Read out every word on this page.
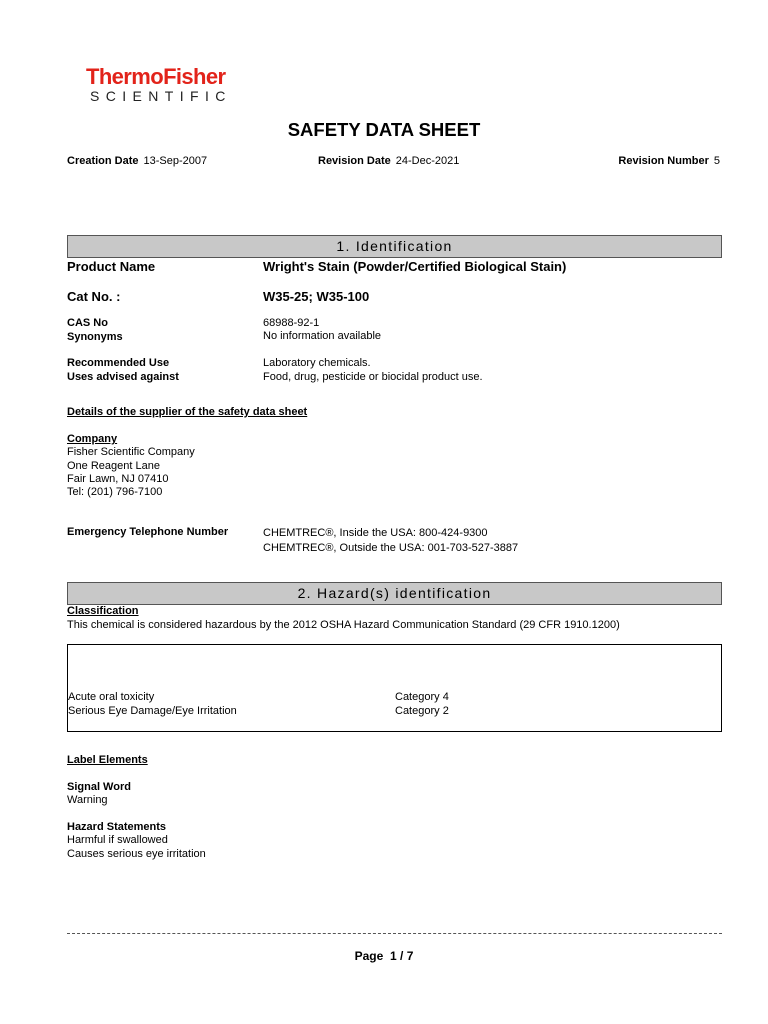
ThermoFisher
SCIENTIFIC
SAFETY DATA SHEET
Creation Date 13-Sep-2007	Revision Date 24-Dec-2021	Revision Number 5
1. Identification
Product Name	Wright's Stain (Powder/Certified Biological Stain)
Cat No. :	W35-25; W35-100
CAS No	68988-92-1
Synonyms	No information available
Recommended Use	Laboratory chemicals.
Uses advised against	Food, drug, pesticide or biocidal product use.
Details of the supplier of the safety data sheet
Company
Fisher Scientific Company
One Reagent Lane
Fair Lawn, NJ 07410
Tel: (201) 796-7100
Emergency Telephone Number	CHEMTREC®, Inside the USA: 800-424-9300
CHEMTREC®, Outside the USA: 001-703-527-3887
2. Hazard(s) identification
Classification
This chemical is considered hazardous by the 2012 OSHA Hazard Communication Standard (29 CFR 1910.1200)
Acute oral toxicity	Category 4
Serious Eye Damage/Eye Irritation	Category 2
Label Elements
Signal Word
Warning
Hazard Statements
Harmful if swallowed
Causes serious eye irritation
Page 1 / 7
